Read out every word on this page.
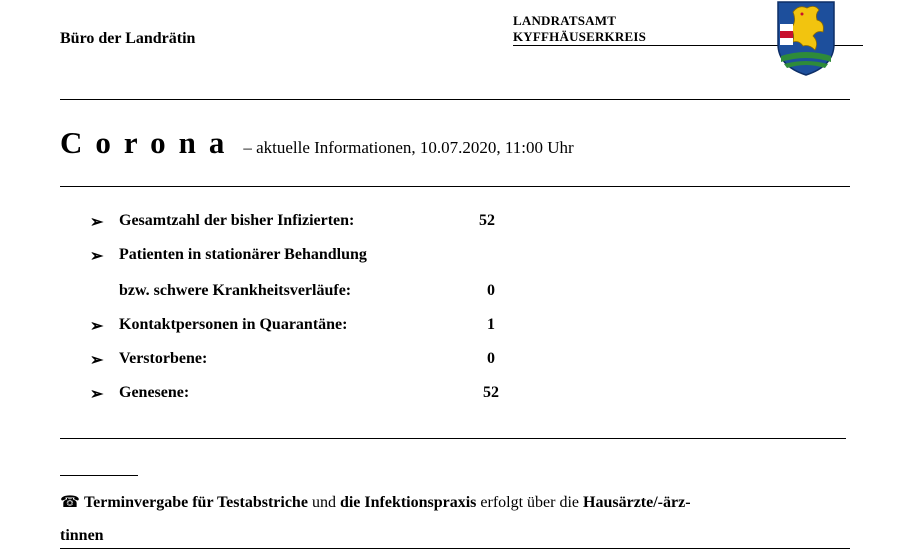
Büro der Landrätin
LANDRATSAMT
KYFFHÄUSERKREIS
Corona – aktuelle Informationen, 10.07.2020, 11:00 Uhr
➢ Gesamtzahl der bisher Infizierten:	52
➢ Patienten in stationärer Behandlung
bzw. schwere Krankheitsverläufe:	0
➢ Kontaktpersonen in Quarantäne:	1
➢ Verstorbene:	0
➢ Genesene:	52
☎ Terminvergabe für Testabstriche und die Infektionspraxis erfolgt über die Hausärzte/-ärz-
tinnen
